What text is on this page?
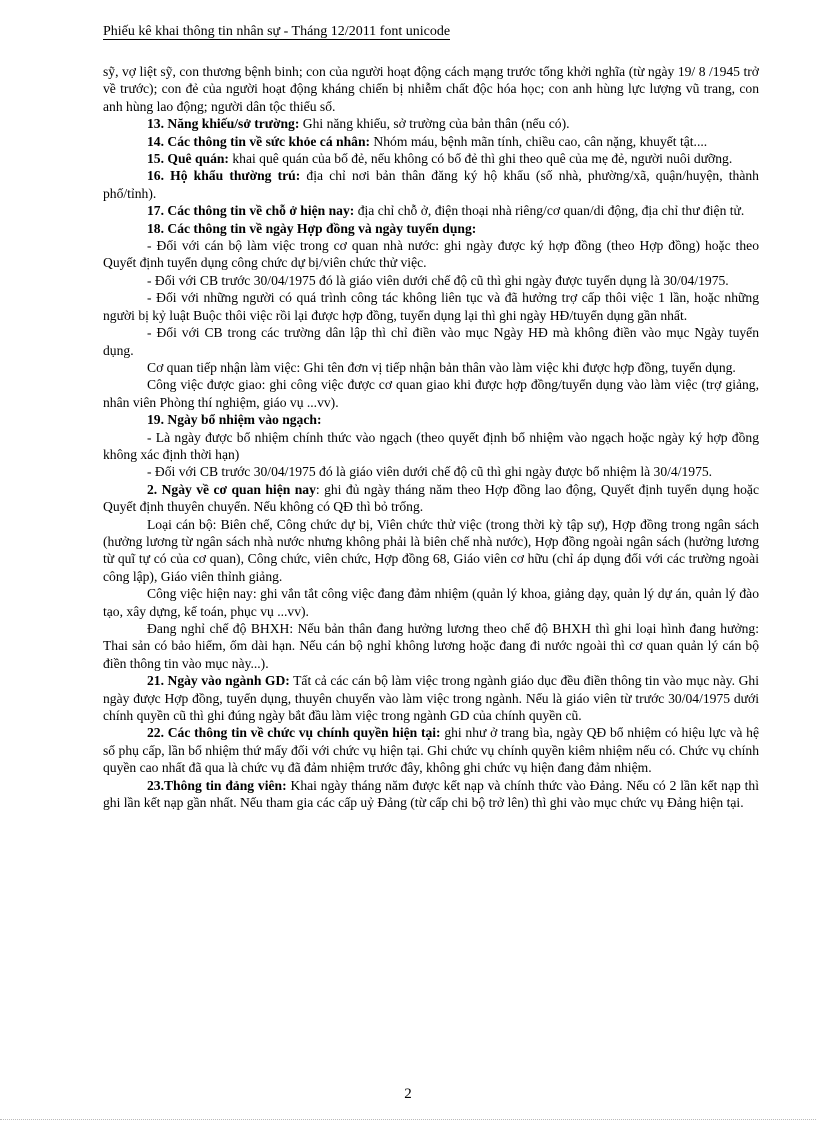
Phiếu kê khai thông tin nhân sự - Tháng 12/2011 font unicode

sỹ, vợ liệt sỹ, con thương bệnh binh; con của người hoạt động cách mạng trước tổng khởi nghĩa (từ ngày 19/ 8 /1945 trở về trước); con đẻ của người hoạt động kháng chiến bị nhiễm chất độc hóa học; con anh hùng lực lượng vũ trang, con anh hùng lao động; người dân tộc thiểu số.

13. Năng khiếu/sở trường: Ghi năng khiếu, sở trường của bản thân (nếu có).

14. Các thông tin về sức khỏe cá nhân: Nhóm máu, bệnh mãn tính, chiều cao, cân nặng, khuyết tật....

15. Quê quán: khai quê quán của bố đẻ, nếu không có bố đẻ thì ghi theo quê của mẹ đẻ, người nuôi dưỡng.

16. Hộ khẩu thường trú: địa chỉ nơi bản thân đăng ký hộ khẩu (số nhà, phường/xã, quận/huyện, thành phố/tỉnh).

17. Các thông tin về chỗ ở hiện nay: địa chỉ chỗ ở, điện thoại nhà riêng/cơ quan/di động, địa chỉ thư điện tử.

18. Các thông tin về ngày Hợp đồng và ngày tuyển dụng:

- Đối với cán bộ làm việc trong cơ quan nhà nước: ghi ngày được ký hợp đồng (theo Hợp đồng) hoặc theo Quyết định tuyển dụng công chức dự bị/viên chức thử việc.

- Đối với CB trước 30/04/1975 đó là giáo viên dưới chế độ cũ thì ghi ngày được tuyển dụng là 30/04/1975.

- Đối với những người có quá trình công tác không liên tục và đã hưởng trợ cấp thôi việc 1 lần, hoặc những người bị kỷ luật Buộc thôi việc rồi lại được hợp đồng, tuyển dụng lại thì ghi ngày HĐ/tuyển dụng gần nhất.

- Đối với CB trong các trường dân lập thì chỉ điền vào mục Ngày HĐ mà không điền vào mục Ngày tuyển dụng.

Cơ quan tiếp nhận làm việc: Ghi tên đơn vị tiếp nhận bản thân vào làm việc khi được hợp đồng, tuyển dụng.

Công việc được giao: ghi công việc được cơ quan giao khi được hợp đồng/tuyển dụng vào làm việc (trợ giảng, nhân viên Phòng thí nghiệm, giáo vụ ...vv).

19. Ngày bổ nhiệm vào ngạch:

- Là ngày được bổ nhiệm chính thức vào ngạch (theo quyết định bổ nhiệm vào ngạch hoặc ngày ký hợp đồng không xác định thời hạn)

- Đối với CB trước 30/04/1975 đó là giáo viên dưới chế độ cũ thì ghi ngày được bổ nhiệm là 30/4/1975.

2. Ngày về cơ quan hiện nay: ghi đủ ngày tháng năm theo Hợp đồng lao động, Quyết định tuyển dụng hoặc Quyết định thuyên chuyển. Nếu không có QĐ thì bỏ trống.

Loại cán bộ: Biên chế, Công chức dự bị, Viên chức thử việc (trong thời kỳ tập sự), Hợp đồng trong ngân sách (hưởng lương từ ngân sách nhà nước nhưng không phải là biên chế nhà nước), Hợp đồng ngoài ngân sách (hưởng lương từ quĩ tự có của cơ quan), Công chức, viên chức, Hợp đồng 68, Giáo viên cơ hữu (chỉ áp dụng đối với các trường ngoài công lập), Giáo viên thỉnh giảng.

Công việc hiện nay: ghi vắn tắt công việc đang đảm nhiệm (quản lý khoa, giảng dạy, quản lý dự án, quản lý đào tạo, xây dựng, kế toán, phục vụ ...vv).

Đang nghỉ chế độ BHXH: Nếu bản thân đang hưởng lương theo chế độ BHXH thì ghi loại hình đang hưởng: Thai sản có bảo hiểm, ốm dài hạn. Nếu cán bộ nghỉ không lương hoặc đang đi nước ngoài thì cơ quan quản lý cán bộ điền thông tin vào mục này...).

21. Ngày vào ngành GD: Tất cả các cán bộ làm việc trong ngành giáo dục đều điền thông tin vào mục này. Ghi ngày được Hợp đồng, tuyển dụng, thuyên chuyển vào làm việc trong ngành. Nếu là giáo viên từ trước 30/04/1975 dưới chính quyền cũ thì ghi đúng ngày bắt đầu làm việc trong ngành GD của chính quyền cũ.

22. Các thông tin về chức vụ chính quyền hiện tại: ghi như ở trang bìa, ngày QĐ bổ nhiệm có hiệu lực và hệ số phụ cấp, lần bổ nhiệm thứ mấy đối với chức vụ hiện tại. Ghi chức vụ chính quyền kiêm nhiệm nếu có. Chức vụ chính quyền cao nhất đã qua là chức vụ đã đảm nhiệm trước đây, không ghi chức vụ hiện đang đảm nhiệm.

23.Thông tin đảng viên: Khai ngày tháng năm được kết nạp và chính thức vào Đảng. Nếu có 2 lần kết nạp thì ghi lần kết nạp gần nhất. Nếu tham gia các cấp uỷ Đảng (từ cấp chi bộ trở lên) thì ghi vào mục chức vụ Đảng hiện tại.

2
